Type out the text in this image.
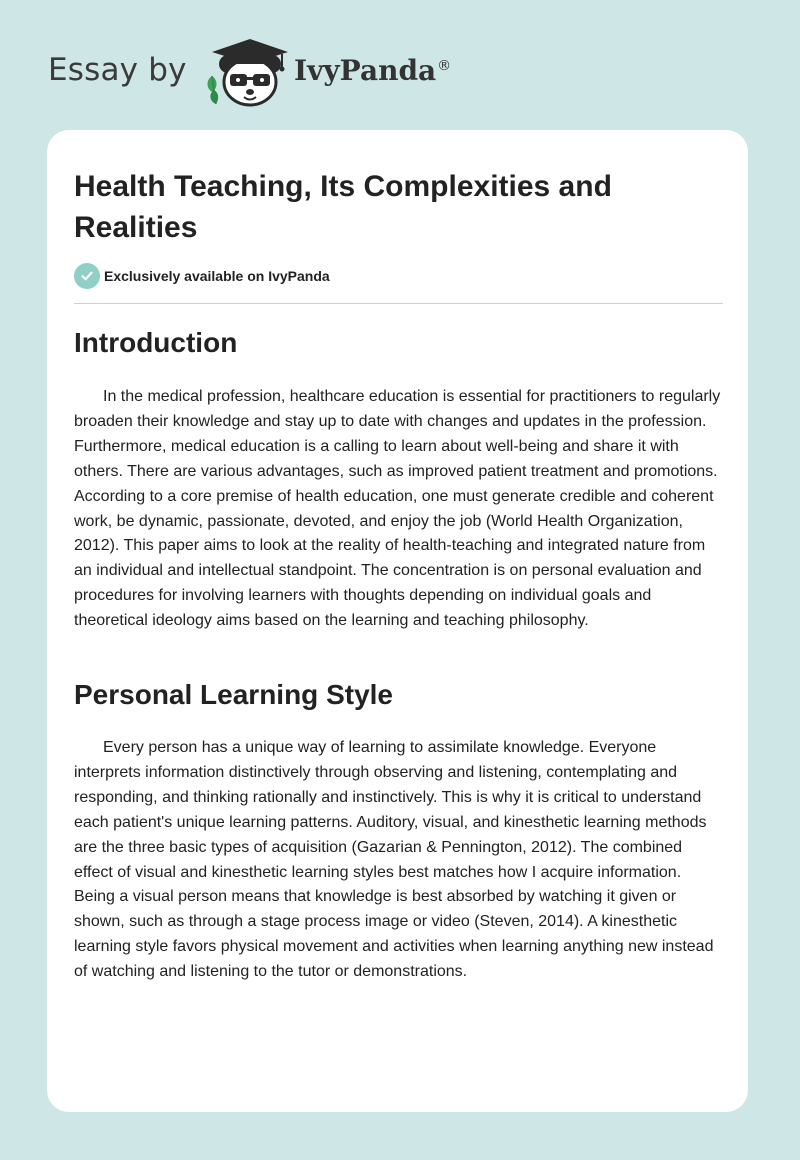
Essay by	IvyPanda®
Health Teaching, Its Complexities and Realities
Exclusively available on IvyPanda
Introduction

In the medical profession, healthcare education is essential for practitioners to regularly broaden their knowledge and stay up to date with changes and updates in the profession. Furthermore, medical education is a calling to learn about well-being and share it with others. There are various advantages, such as improved patient treatment and promotions. According to a core premise of health education, one must generate credible and coherent work, be dynamic, passionate, devoted, and enjoy the job (World Health Organization, 2012). This paper aims to look at the reality of health-teaching and integrated nature from an individual and intellectual standpoint. The concentration is on personal evaluation and procedures for involving learners with thoughts depending on individual goals and theoretical ideology aims based on the learning and teaching philosophy.

Personal Learning Style

Every person has a unique way of learning to assimilate knowledge. Everyone interprets information distinctively through observing and listening, contemplating and responding, and thinking rationally and instinctively. This is why it is critical to understand each patient's unique learning patterns. Auditory, visual, and kinesthetic learning methods are the three basic types of acquisition (Gazarian & Pennington, 2012). The combined effect of visual and kinesthetic learning styles best matches how I acquire information. Being a visual person means that knowledge is best absorbed by watching it given or shown, such as through a stage process image or video (Steven, 2014). A kinesthetic learning style favors physical movement and activities when learning anything new instead of watching and listening to the tutor or demonstrations.
